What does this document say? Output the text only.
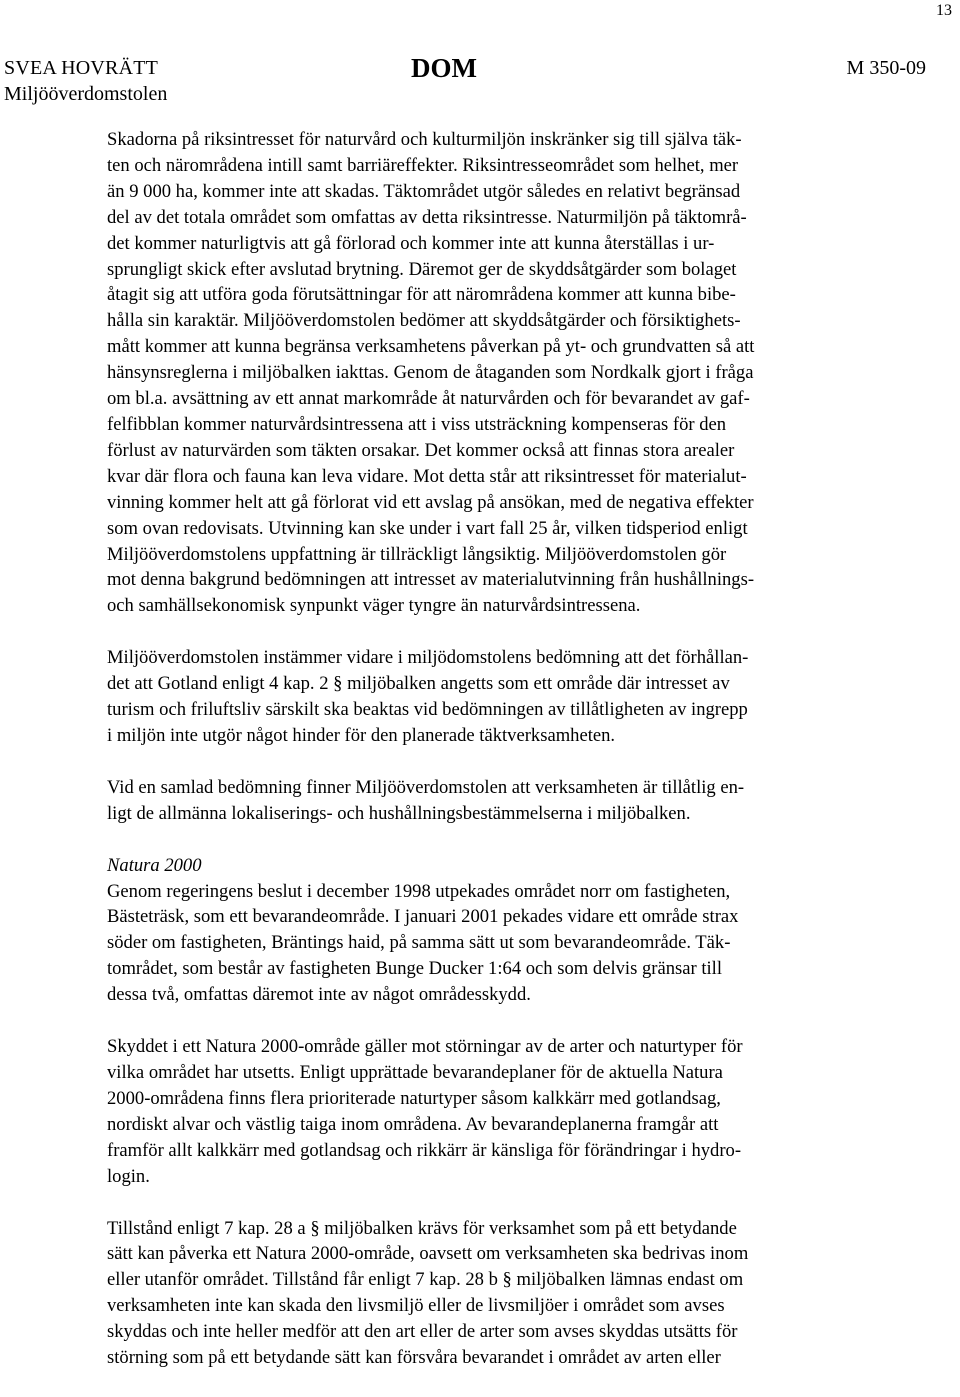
13
SVEA HOVRÄTT
Miljööverdomstolen
DOM	M 350-09
Skadorna på riksintresset för naturvård och kulturmiljön inskränker sig till själva täk-
ten och närområdena intill samt barriäreffekter. Riksintresseområdet som helhet, mer
än 9 000 ha, kommer inte att skadas. Täktområdet utgör således en relativt begränsad
del av det totala området som omfattas av detta riksintresse. Naturmiljön på täktområ-
det kommer naturligtvis att gå förlorad och kommer inte att kunna återställas i ur-
sprungligt skick efter avslutad brytning. Däremot ger de skyddsåtgärder som bolaget
åtagit sig att utföra goda förutsättningar för att närområdena kommer att kunna bibe-
hålla sin karaktär. Miljööverdomstolen bedömer att skyddsåtgärder och försiktighets-
mått kommer att kunna begränsa verksamhetens påverkan på yt- och grundvatten så att
hänsynsreglerna i miljöbalken iakttas. Genom de åtaganden som Nordkalk gjort i fråga
om bl.a. avsättning av ett annat markområde åt naturvården och för bevarandet av gaf-
felfibblan kommer naturvårdsintressena att i viss utsträckning kompenseras för den
förlust av naturvärden som täkten orsakar. Det kommer också att finnas stora arealer
kvar där flora och fauna kan leva vidare. Mot detta står att riksintresset för materialut-
vinning kommer helt att gå förlorat vid ett avslag på ansökan, med de negativa effekter
som ovan redovisats. Utvinning kan ske under i vart fall 25 år, vilken tidsperiod enligt
Miljööverdomstolens uppfattning är tillräckligt långsiktig. Miljööverdomstolen gör
mot denna bakgrund bedömningen att intresset av materialutvinning från hushållnings-
och samhällsekonomisk synpunkt väger tyngre än naturvårdsintressena.
Miljööverdomstolen instämmer vidare i miljödomstolens bedömning att det förhållan-
det att Gotland enligt 4 kap. 2 § miljöbalken angetts som ett område där intresset av
turism och friluftsliv särskilt ska beaktas vid bedömningen av tillåtligheten av ingrepp
i miljön inte utgör något hinder för den planerade täktverksamheten.
Vid en samlad bedömning finner Miljööverdomstolen att verksamheten är tillåtlig en-
ligt de allmänna lokaliserings- och hushållningsbestämmelserna i miljöbalken.

Natura 2000

Genom regeringens beslut i december 1998 utpekades området norr om fastigheten,
Bästeträsk, som ett bevarandeområde. I januari 2001 pekades vidare ett område strax
söder om fastigheten, Bräntings haid, på samma sätt ut som bevarandeområde. Täk-
tområdet, som består av fastigheten Bunge Ducker 1:64 och som delvis gränsar till
dessa två, omfattas däremot inte av något områdesskydd.
Skyddet i ett Natura 2000-område gäller mot störningar av de arter och naturtyper för
vilka området har utsetts. Enligt upprättade bevarandeplaner för de aktuella Natura
2000-områdena finns flera prioriterade naturtyper såsom kalkkärr med gotlandsag,
nordiskt alvar och västlig taiga inom områdena. Av bevarandeplanerna framgår att
framför allt kalkkärr med gotlandsag och rikkärr är känsliga för förändringar i hydro-
login.
Tillstånd enligt 7 kap. 28 a § miljöbalken krävs för verksamhet som på ett betydande
sätt kan påverka ett Natura 2000-område, oavsett om verksamheten ska bedrivas inom
eller utanför området. Tillstånd får enligt 7 kap. 28 b § miljöbalken lämnas endast om
verksamheten inte kan skada den livsmiljö eller de livsmiljöer i området som avses
skyddas och inte heller medför att den art eller de arter som avses skyddas utsätts för
störning som på ett betydande sätt kan försvåra bevarandet i området av arten eller
